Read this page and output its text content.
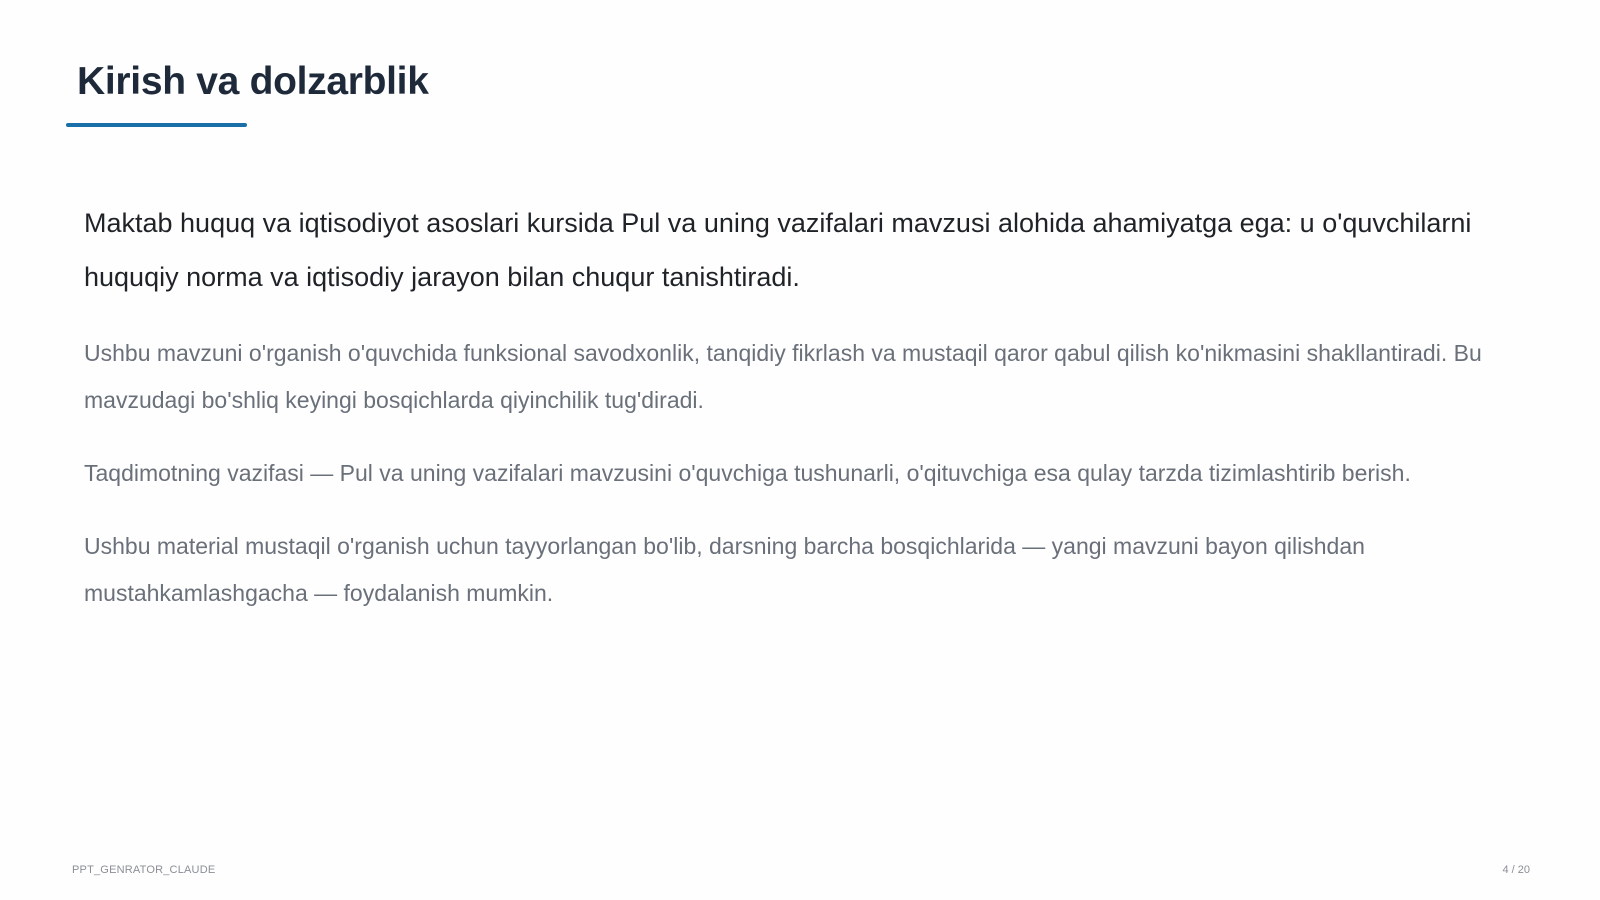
Kirish va dolzarblik

Maktab huquq va iqtisodiyot asoslari kursida Pul va uning vazifalari mavzusi alohida ahamiyatga ega: u o'quvchilarni huquqiy norma va iqtisodiy jarayon bilan chuqur tanishtiradi.

Ushbu mavzuni o'rganish o'quvchida funksional savodxonlik, tanqidiy fikrlash va mustaqil qaror qabul qilish ko'nikmasini shakllantiradi. Bu mavzudagi bo'shliq keyingi bosqichlarda qiyinchilik tug'diradi.

Taqdimotning vazifasi — Pul va uning vazifalari mavzusini o'quvchiga tushunarli, o'qituvchiga esa qulay tarzda tizimlashtirib berish.

Ushbu material mustaqil o'rganish uchun tayyorlangan bo'lib, darsning barcha bosqichlarida — yangi mavzuni bayon qilishdan mustahkamlashgacha — foydalanish mumkin.

PPT_GENRATOR_CLAUDE	4 / 20
